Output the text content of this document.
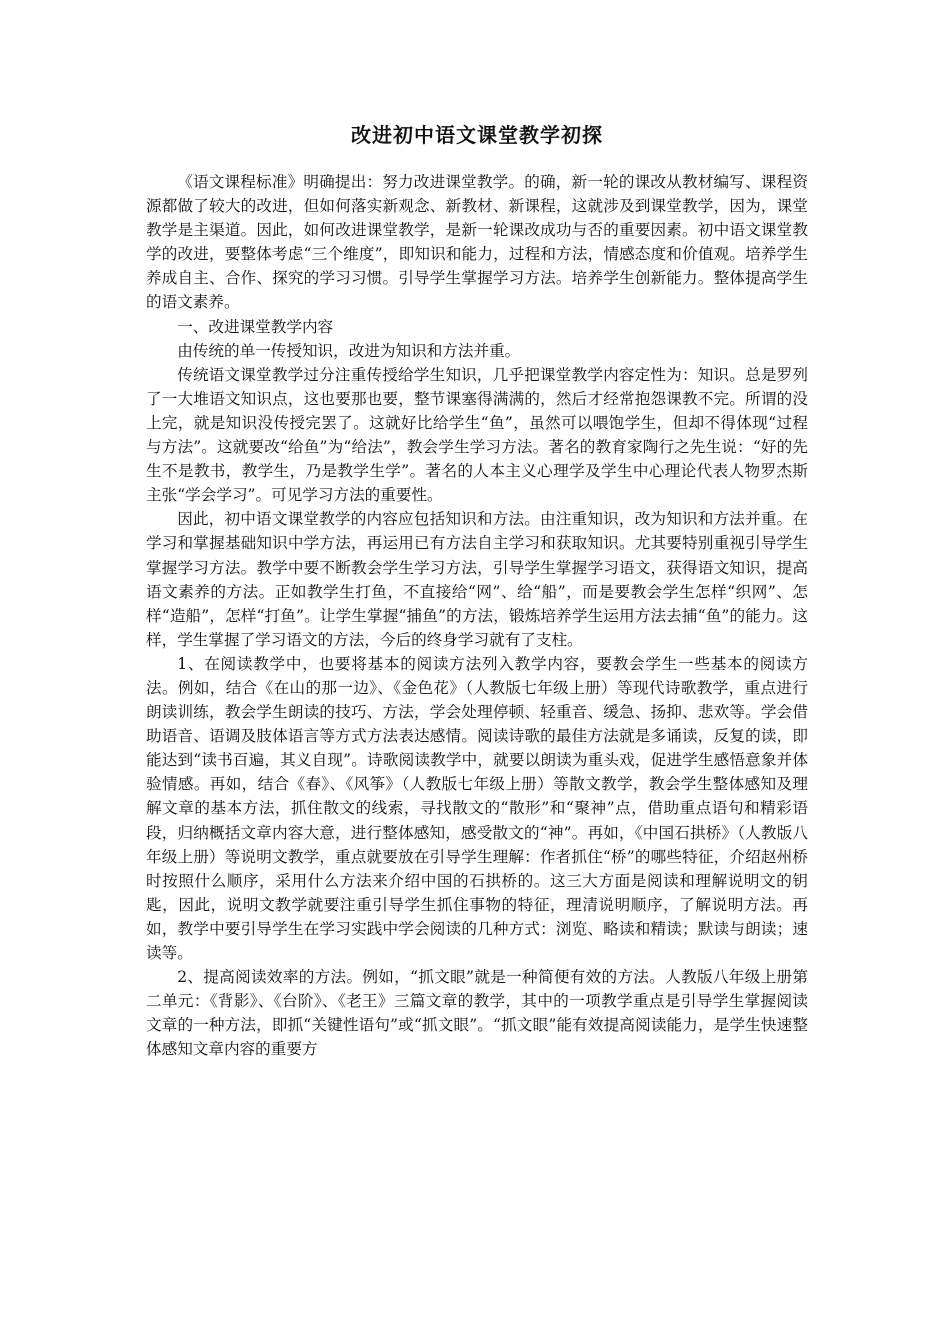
改进初中语文课堂教学初探

《语文课程标准》明确提出：努力改进课堂教学。的确，新一轮的课改从教材编写、课程资源都做了较大的改进，但如何落实新观念、新教材、新课程，这就涉及到课堂教学，因为，课堂教学是主渠道。因此，如何改进课堂教学，是新一轮课改成功与否的重要因素。初中语文课堂教学的改进，要整体考虑“三个维度”，即知识和能力，过程和方法，情感态度和价值观。培养学生养成自主、合作、探究的学习习惯。引导学生掌握学习方法。培养学生创新能力。整体提高学生的语文素养。

一、改进课堂教学内容

由传统的单一传授知识，改进为知识和方法并重。

传统语文课堂教学过分注重传授给学生知识，几乎把课堂教学内容定性为：知识。总是罗列了一大堆语文知识点，这也要那也要，整节课塞得满满的，然后才经常抱怨课教不完。所谓的没上完，就是知识没传授完罢了。这就好比给学生“鱼”，虽然可以喂饱学生，但却不得体现“过程与方法”。这就要改“给鱼”为“给法”，教会学生学习方法。著名的教育家陶行之先生说：“好的先生不是教书，教学生，乃是教学生学”。著名的人本主义心理学及学生中心理论代表人物罗杰斯主张“学会学习”。可见学习方法的重要性。

因此，初中语文课堂教学的内容应包括知识和方法。由注重知识，改为知识和方法并重。在学习和掌握基础知识中学方法，再运用已有方法自主学习和获取知识。尤其要特别重视引导学生掌握学习方法。教学中要不断教会学生学习方法，引导学生掌握学习语文，获得语文知识，提高语文素养的方法。正如教学生打鱼，不直接给“网”、给“船”，而是要教会学生怎样“织网”、怎样“造船”，怎样“打鱼”。让学生掌握“捕鱼”的方法，锻炼培养学生运用方法去捕“鱼”的能力。这样，学生掌握了学习语文的方法，今后的终身学习就有了支柱。

1、在阅读教学中，也要将基本的阅读方法列入教学内容，要教会学生一些基本的阅读方法。例如，结合《在山的那一边》、《金色花》（人教版七年级上册）等现代诗歌教学，重点进行朗读训练，教会学生朗读的技巧、方法，学会处理停顿、轻重音、缓急、扬抑、悲欢等。学会借助语音、语调及肢体语言等方式方法表达感情。阅读诗歌的最佳方法就是多诵读，反复的读，即能达到“读书百遍，其义自现”。诗歌阅读教学中，就要以朗读为重头戏，促进学生感悟意象并体验情感。再如，结合《春》、《风筝》（人教版七年级上册）等散文教学，教会学生整体感知及理解文章的基本方法，抓住散文的线索，寻找散文的“散形”和“聚神”点，借助重点语句和精彩语段，归纳概括文章内容大意，进行整体感知，感受散文的“神”。再如，《中国石拱桥》（人教版八年级上册）等说明文教学，重点就要放在引导学生理解：作者抓住“桥”的哪些特征，介绍赵州桥时按照什么顺序，采用什么方法来介绍中国的石拱桥的。这三大方面是阅读和理解说明文的钥匙，因此，说明文教学就要注重引导学生抓住事物的特征，理清说明顺序，了解说明方法。再如，教学中要引导学生在学习实践中学会阅读的几种方式：浏览、略读和精读；默读与朗读；速读等。

2、提高阅读效率的方法。例如，“抓文眼”就是一种简便有效的方法。人教版八年级上册第二单元：《背影》、《台阶》、《老王》三篇文章的教学，其中的一项教学重点是引导学生掌握阅读文章的一种方法，即抓“关键性语句”或“抓文眼”。“抓文眼”能有效提高阅读能力，是学生快速整体感知文章内容的重要方
